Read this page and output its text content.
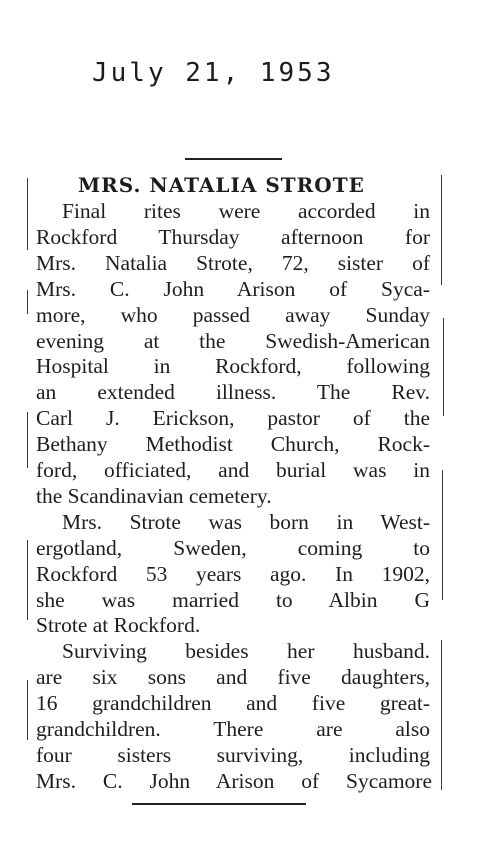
July 21, 1953
MRS. NATALIA STROTE
Final rites were accorded in
Rockford Thursday afternoon for
Mrs. Natalia Strote, 72, sister of
Mrs. C. John Arison of Syca-
more, who passed away Sunday
evening at the Swedish-American
Hospital in Rockford, following
an extended illness. The Rev.
Carl J. Erickson, pastor of the
Bethany Methodist Church, Rock-
ford, officiated, and burial was in
the Scandinavian cemetery.
Mrs. Strote was born in West-
ergotland, Sweden, coming to
Rockford 53 years ago. In 1902,
she was married to Albin G
Strote at Rockford.
Surviving besides her husband.
are six sons and five daughters,
16 grandchildren and five great-
grandchildren. There are also
four sisters surviving, including
Mrs. C. John Arison of Sycamore
